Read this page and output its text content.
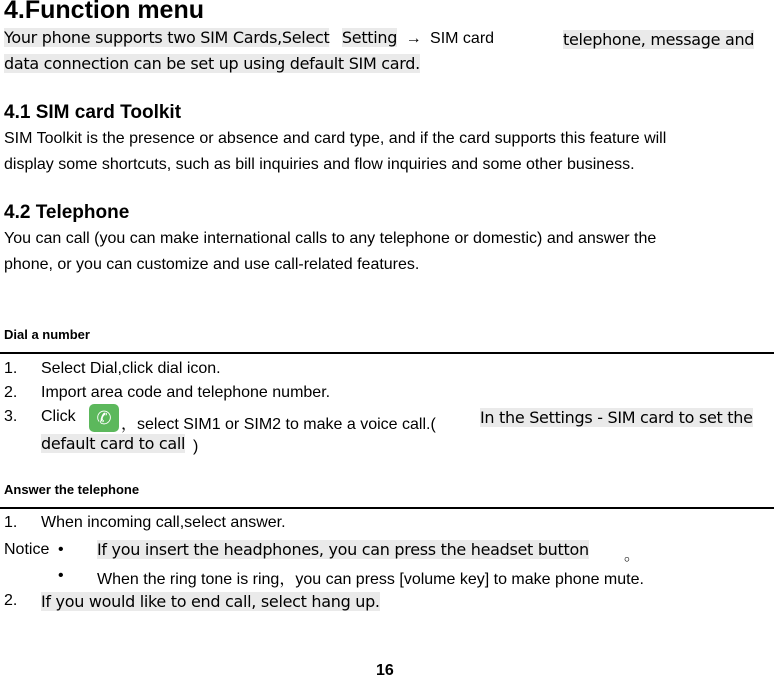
4.Function menu
Your phone supports two SIM Cards,Select Setting → SIM card	telephone, message and
data connection can be set up using default SIM card.
4.1 SIM card Toolkit
SIM Toolkit is the presence or absence and card type, and if the card supports this feature will
display some shortcuts, such as bill inquiries and flow inquiries and some other business.
4.2 Telephone
You can call (you can make international calls to any telephone or domestic) and answer the
phone, or you can customize and use call-related features.
Dial a number
1. Select Dial,click dial icon.
2. Import area code and telephone number.
3. Click	✆ ，select SIM1 or SIM2 to make a voice call.(	In the Settings - SIM card to set the
default card to call )
Answer the telephone
1. When incoming call,select answer.
Notice • If you insert the headphones, you can press the headset button 。
• When the ring tone is ring，you can press [volume key] to make phone mute.
2. If you would like to end call, select hang up.
16
